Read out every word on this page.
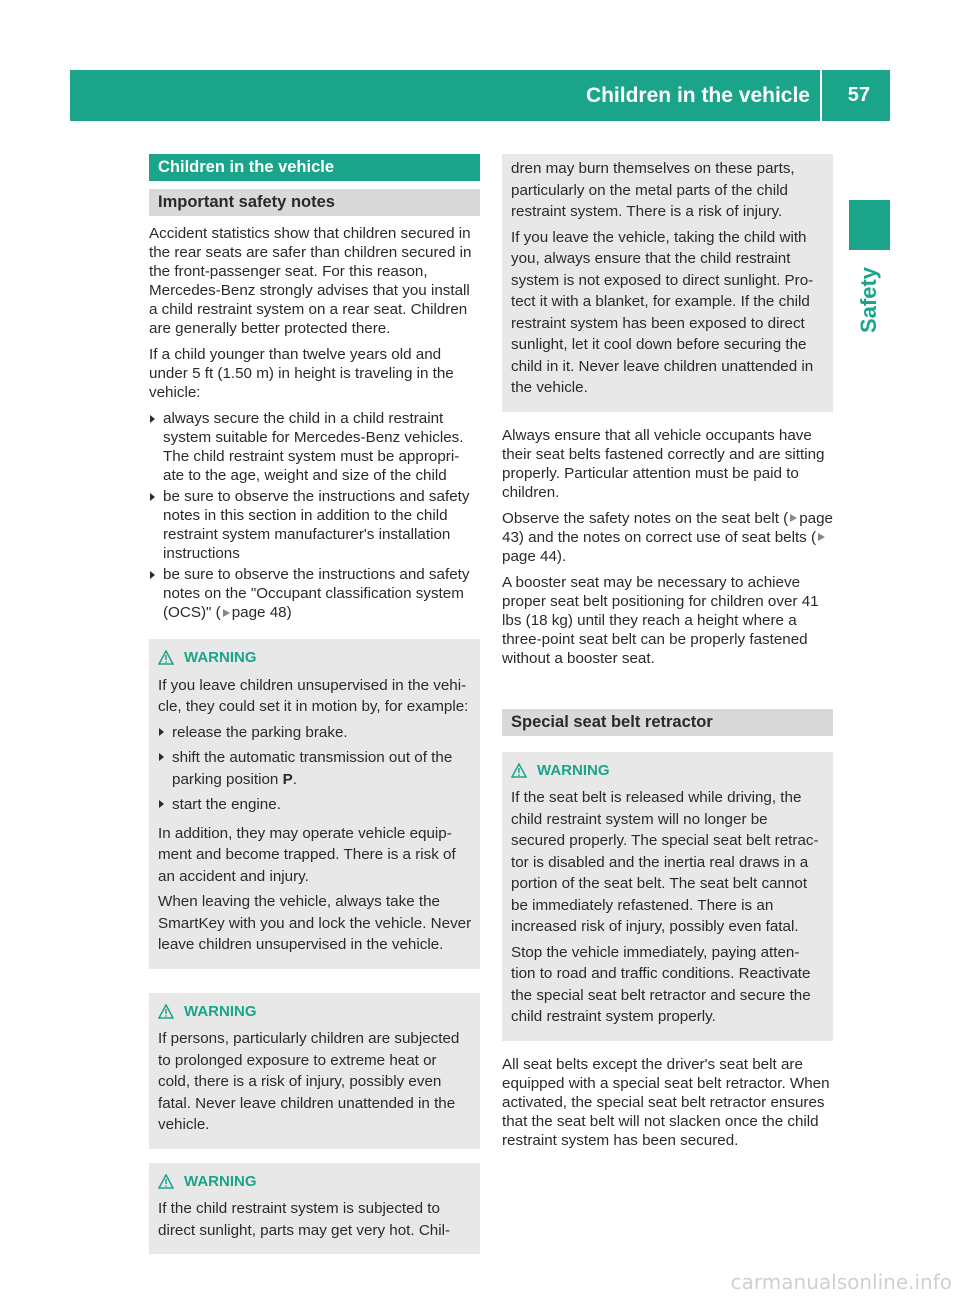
Children in the vehicle	57
Safety
Children in the vehicle
Important safety notes

Accident statistics show that children secured in the rear seats are safer than children secured in the front-passenger seat. For this reason, Mercedes-Benz strongly advises that you install a child restraint system on a rear seat. Children are generally better protected there.

If a child younger than twelve years old and under 5 ft (1.50 m) in height is traveling in the vehicle:

always secure the child in a child restraint system suitable for Mercedes-Benz vehicles. The child restraint system must be appropri- ate to the age, weight and size of the child
be sure to observe the instructions and safety notes in this section in addition to the child restraint system manufacturer's installation instructions
be sure to observe the instructions and safety notes on the "Occupant classification system (OCS)" ( page 48)
WARNING

If you leave children unsupervised in the vehi- cle, they could set it in motion by, for example:

release the parking brake.
shift the automatic transmission out of the parking position P.
start the engine.

In addition, they may operate vehicle equip- ment and become trapped. There is a risk of an accident and injury.

When leaving the vehicle, always take the SmartKey with you and lock the vehicle. Never leave children unsupervised in the vehicle.

WARNING

If persons, particularly children are subjected to prolonged exposure to extreme heat or cold, there is a risk of injury, possibly even fatal. Never leave children unattended in the vehicle.

WARNING

If the child restraint system is subjected to direct sunlight, parts may get very hot. Chil-

dren may burn themselves on these parts, particularly on the metal parts of the child restraint system. There is a risk of injury.

If you leave the vehicle, taking the child with you, always ensure that the child restraint system is not exposed to direct sunlight. Pro- tect it with a blanket, for example. If the child restraint system has been exposed to direct sunlight, let it cool down before securing the child in it. Never leave children unattended in the vehicle.

Always ensure that all vehicle occupants have their seat belts fastened correctly and are sitting properly. Particular attention must be paid to children.

Observe the safety notes on the seat belt ( page 43) and the notes on correct use of seat belts (page 44).

A booster seat may be necessary to achieve proper seat belt positioning for children over 41 lbs (18 kg) until they reach a height where a three-point seat belt can be properly fastened without a booster seat.

Special seat belt retractor
WARNING

If the seat belt is released while driving, the child restraint system will no longer be secured properly. The special seat belt retrac- tor is disabled and the inertia real draws in a portion of the seat belt. The seat belt cannot be immediately refastened. There is an increased risk of injury, possibly even fatal.

Stop the vehicle immediately, paying atten- tion to road and traffic conditions. Reactivate the special seat belt retractor and secure the child restraint system properly.

All seat belts except the driver's seat belt are equipped with a special seat belt retractor. When activated, the special seat belt retractor ensures that the seat belt will not slacken once the child restraint system has been secured.

carmanualsonline.info
